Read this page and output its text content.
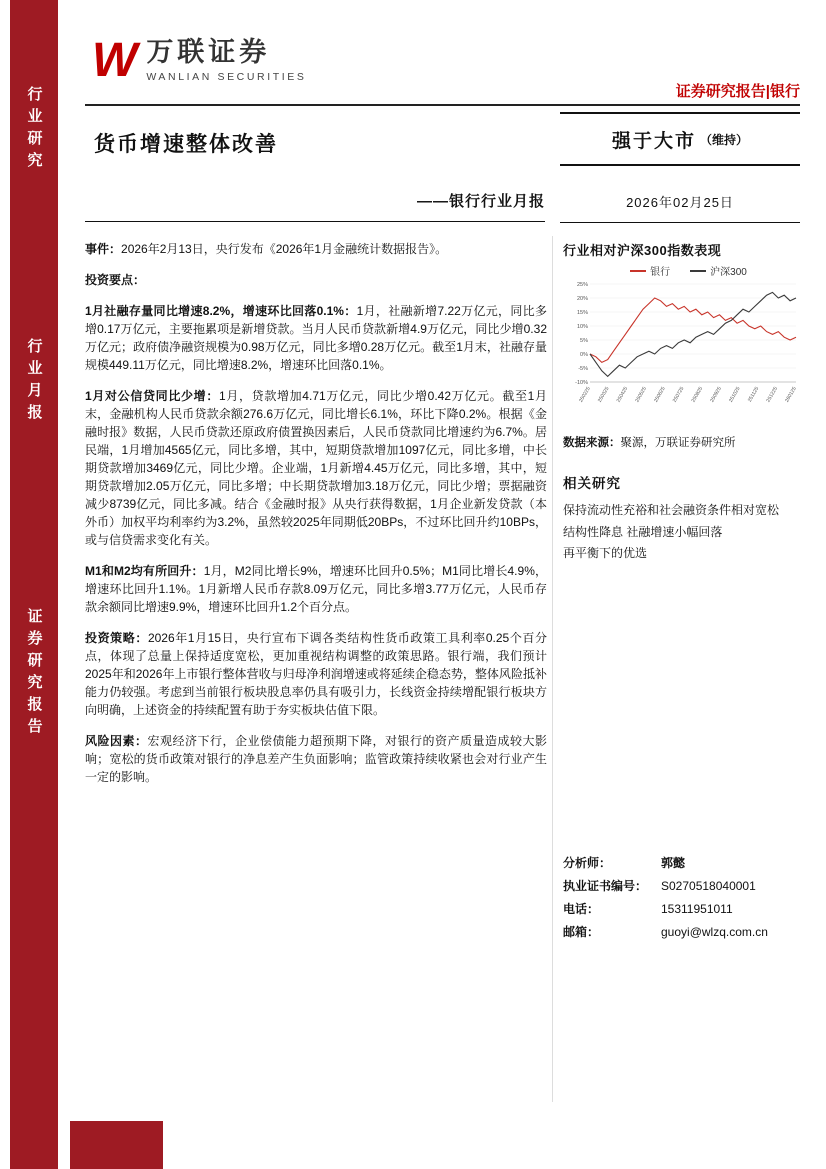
行业研究
行业月报
证券研究报告
W 万联证券
WANLIAN SECURITIES
证券研究报告|银行
货币增速整体改善	强于大市 （维持）
——银行行业月报	2026年02月25日

事件：2026年2月13日，央行发布《2026年1月金融统计数据报告》。

投资要点：

1月社融存量同比增速8.2%，增速环比回落0.1%：1月，社融新增7.22万亿元，同比多增0.17万亿元，主要拖累项是新增贷款。当月人民币贷款新增4.9万亿元，同比少增0.32万亿元；政府债净融资规模为0.98万亿元，同比多增0.28万亿元。截至1月末，社融存量规模449.11万亿元，同比增速8.2%，增速环比回落0.1%。

1月对公信贷同比少增：1月，贷款增加4.71万亿元，同比少增0.42万亿元。截至1月末，金融机构人民币贷款余额276.6万亿元，同比增长6.1%，环比下降0.2%。根据《金融时报》数据，人民币贷款还原政府债置换因素后，人民币贷款同比增速约为6.7%。居民端，1月增加4565亿元，同比多增，其中，短期贷款增加1097亿元，同比多增，中长期贷款增加3469亿元，同比少增。企业端，1月新增4.45万亿元，同比多增，其中，短期贷款增加2.05万亿元，同比多增；中长期贷款增加3.18万亿元，同比少增；票据融资减少8739亿元，同比多减。结合《金融时报》从央行获得数据，1月企业新发贷款（本外币）加权平均利率约为3.2%，虽然较2025年同期低20BPs，不过环比回升约10BPs，或与信贷需求变化有关。

M1和M2均有所回升：1月，M2同比增长9%，增速环比回升0.5%；M1同比增长4.9%，增速环比回升1.1%。1月新增人民币存款8.09万亿元，同比多增3.77万亿元，人民币存款余额同比增速9.9%，增速环比回升1.2个百分点。

投资策略：2026年1月15日，央行宣布下调各类结构性货币政策工具利率0.25个百分点，体现了总量上保持适度宽松，更加重视结构调整的政策思路。银行端，我们预计2025年和2026年上市银行整体营收与归母净利润增速或将延续企稳态势，整体风险抵补能力仍较强。考虑到当前银行板块股息率仍具有吸引力，长线资金持续增配银行板块方向明确，上述资金的持续配置有助于夯实板块估值下限。

风险因素：宏观经济下行，企业偿债能力超预期下降，对银行的资产质量造成较大影响；宽松的货币政策对银行的净息差产生负面影响；监管政策持续收紧也会对行业产生一定的影响。

行业相对沪深300指数表现
银行	沪深300
25%
20%
15%
10%
5%
0%
-5%
-10%
250225 250325 250425 250525 250625 250725 250825 250925 251025 251125 251225 260125
数据来源：聚源，万联证券研究所
相关研究
保持流动性充裕和社会融资条件相对宽松
结构性降息 社融增速小幅回落
再平衡下的优选
分析师：	郭懿
执业证书编号：	S0270518040001
电话：	15311951011
邮箱：	guoyi@wlzq.com.cn
